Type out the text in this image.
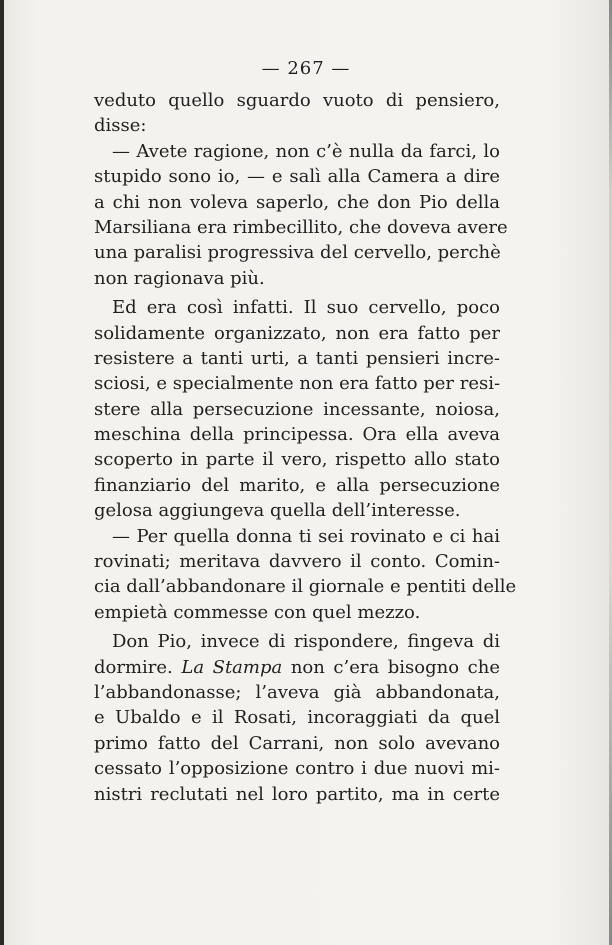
— 267 —
veduto quello sguardo vuoto di pensiero,
disse:
— Avete ragione, non c’è nulla da farci, lo
stupido sono io, — e salì alla Camera a dire
a chi non voleva saperlo, che don Pio della
Marsiliana era rimbecillito, che doveva avere
una paralisi progressiva del cervello, perchè
non ragionava più.
Ed era così infatti. Il suo cervello, poco
solidamente organizzato, non era fatto per
resistere a tanti urti, a tanti pensieri incre-
sciosi, e specialmente non era fatto per resi-
stere alla persecuzione incessante, noiosa,
meschina della principessa. Ora ella aveva
scoperto in parte il vero, rispetto allo stato
finanziario del marito, e alla persecuzione
gelosa aggiungeva quella dell’interesse.
— Per quella donna ti sei rovinato e ci hai
rovinati; meritava davvero il conto. Comin-
cia dall’abbandonare il giornale e pentiti delle
empietà commesse con quel mezzo.
Don Pio, invece di rispondere, fingeva di
dormire. La Stampa non c’era bisogno che
l’abbandonasse; l’aveva già abbandonata,
e Ubaldo e il Rosati, incoraggiati da quel
primo fatto del Carrani, non solo avevano
cessato l’opposizione contro i due nuovi mi-
nistri reclutati nel loro partito, ma in certe
